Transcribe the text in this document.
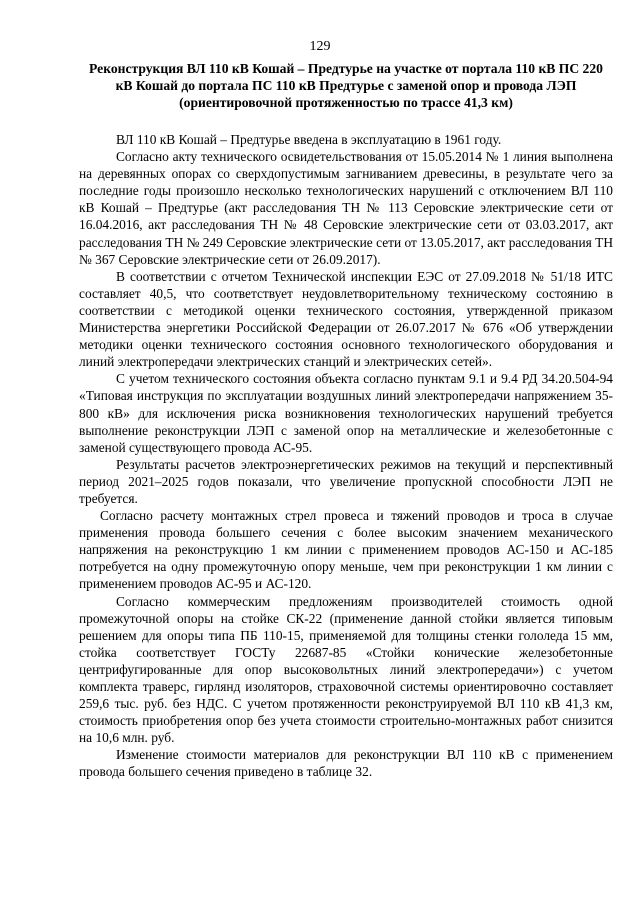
129
Реконструкция ВЛ 110 кВ Кошай – Предтурье на участке от портала 110 кВ ПС 220 кВ Кошай до портала ПС 110 кВ Предтурье с заменой опор и провода ЛЭП (ориентировочной протяженностью по трассе 41,3 км)

ВЛ 110 кВ Кошай – Предтурье введена в эксплуатацию в 1961 году.

Согласно акту технического освидетельствования от 15.05.2014 № 1 линия выполнена на деревянных опорах со сверхдопустимым загниванием древесины, в результате чего за последние годы произошло несколько технологических нарушений с отключением ВЛ 110 кВ Кошай – Предтурье (акт расследования ТН № 113 Серовские электрические сети от 16.04.2016, акт расследования ТН № 48 Серовские электрические сети от 03.03.2017, акт расследования ТН № 249 Серовские электрические сети от 13.05.2017, акт расследования ТН № 367 Серовские электрические сети от 26.09.2017).

В соответствии с отчетом Технической инспекции ЕЭС от 27.09.2018 № 51/18 ИТС составляет 40,5, что соответствует неудовлетворительному техническому состоянию в соответствии с методикой оценки технического состояния, утвержденной приказом Министерства энергетики Российской Федерации от 26.07.2017 № 676 «Об утверждении методики оценки технического состояния основного технологического оборудования и линий электропередачи электрических станций и электрических сетей».

С учетом технического состояния объекта согласно пунктам 9.1 и 9.4 РД 34.20.504-94 «Типовая инструкция по эксплуатации воздушных линий электропередачи напряжением 35-800 кВ» для исключения риска возникновения технологических нарушений требуется выполнение реконструкции ЛЭП с заменой опор на металлические и железобетонные с заменой существующего провода АС-95.

Результаты расчетов электроэнергетических режимов на текущий и перспективный период 2021–2025 годов показали, что увеличение пропускной способности ЛЭП не требуется.

Согласно расчету монтажных стрел провеса и тяжений проводов и троса в случае применения провода большего сечения с более высоким значением механического напряжения на реконструкцию 1 км линии с применением проводов АС-150 и АС-185 потребуется на одну промежуточную опору меньше, чем при реконструкции 1 км линии с применением проводов АС-95 и АС-120.

Согласно коммерческим предложениям производителей стоимость одной промежуточной опоры на стойке СК-22 (применение данной стойки является типовым решением для опоры типа ПБ 110-15, применяемой для толщины стенки гололеда 15 мм, стойка соответствует ГОСТу 22687-85 «Стойки конические железобетонные центрифугированные для опор высоковольтных линий электропередачи») с учетом комплекта траверс, гирлянд изоляторов, страховочной системы ориентировочно составляет 259,6 тыс. руб. без НДС. С учетом протяженности реконструируемой ВЛ 110 кВ 41,3 км, стоимость приобретения опор без учета стоимости строительно-монтажных работ снизится на 10,6 млн. руб.

Изменение стоимости материалов для реконструкции ВЛ 110 кВ с применением провода большего сечения приведено в таблице 32.
